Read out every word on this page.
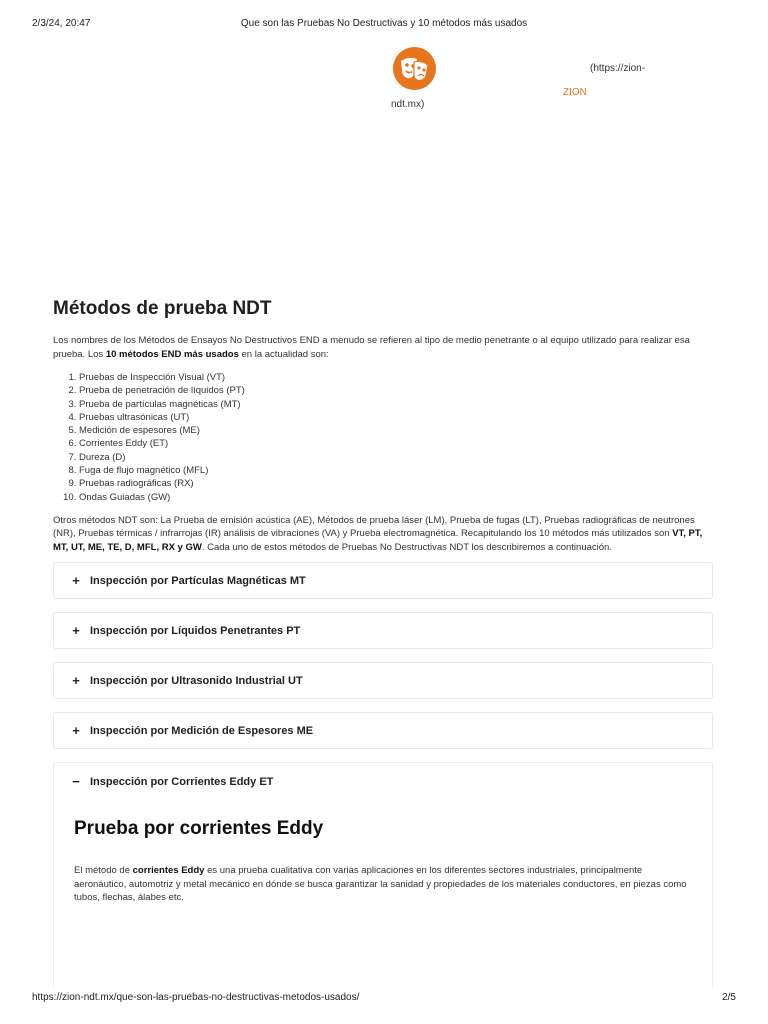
2/3/24, 20:47	Que son las Pruebas No Destructivas y 10 métodos más usados
(https://zion-
ZION
ndt.mx)
Métodos de prueba NDT

Los nombres de los Métodos de Ensayos No Destructivos END a menudo se refieren al tipo de medio penetrante o al equipo utilizado para realizar esa prueba. Los 10 métodos END más usados en la actualidad son:

1. Pruebas de Inspección Visual (VT)
2. Prueba de penetración de líquidos (PT)
3. Prueba de partículas magnéticas (MT)
4. Pruebas ultrasónicas (UT)
5. Medición de espesores (ME)
6. Corrientes Eddy (ET)
7. Dureza (D)
8. Fuga de flujo magnético (MFL)
9. Pruebas radiográficas (RX)
10. Ondas Guiadas (GW)

Otros métodos NDT son: La Prueba de emisión acústica (AE), Métodos de prueba láser (LM), Prueba de fugas (LT), Pruebas radiográficas de neutrones (NR), Pruebas térmicas / infrarrojas (IR) análisis de vibraciones (VA) y Prueba electromagnética. Recapitulando los 10 métodos más utilizados son VT, PT, MT, UT, ME, TE, D, MFL, RX y GW. Cada uno de estos métodos de Pruebas No Destructivas NDT los describiremos a continuación.

+ Inspección por Partículas Magnéticas MT
+ Inspección por Líquidos Penetrantes PT
+ Inspección por Ultrasonido Industrial UT
+ Inspección por Medición de Espesores ME
− Inspección por Corrientes Eddy ET
Prueba por corrientes Eddy

El método de corrientes Eddy es una prueba cualitativa con varias aplicaciones en los diferentes sectores industriales, principalmente aeronáutico, automotriz y metal mecánico en dónde se busca garantizar la sanidad y propiedades de los materiales conductores, en piezas como tubos, flechas, álabes etc.

https://zion-ndt.mx/que-son-las-pruebas-no-destructivas-metodos-usados/	2/5
